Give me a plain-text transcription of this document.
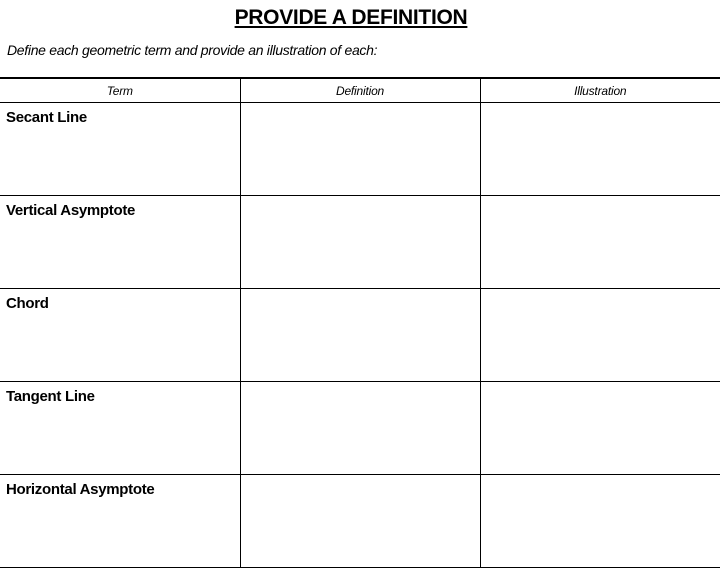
PROVIDE A DEFINITION
Define each geometric term and provide an illustration of each:
Term	Definition	Illustration
Secant Line		
Vertical Asymptote		
Chord		
Tangent Line		
Horizontal Asymptote		
